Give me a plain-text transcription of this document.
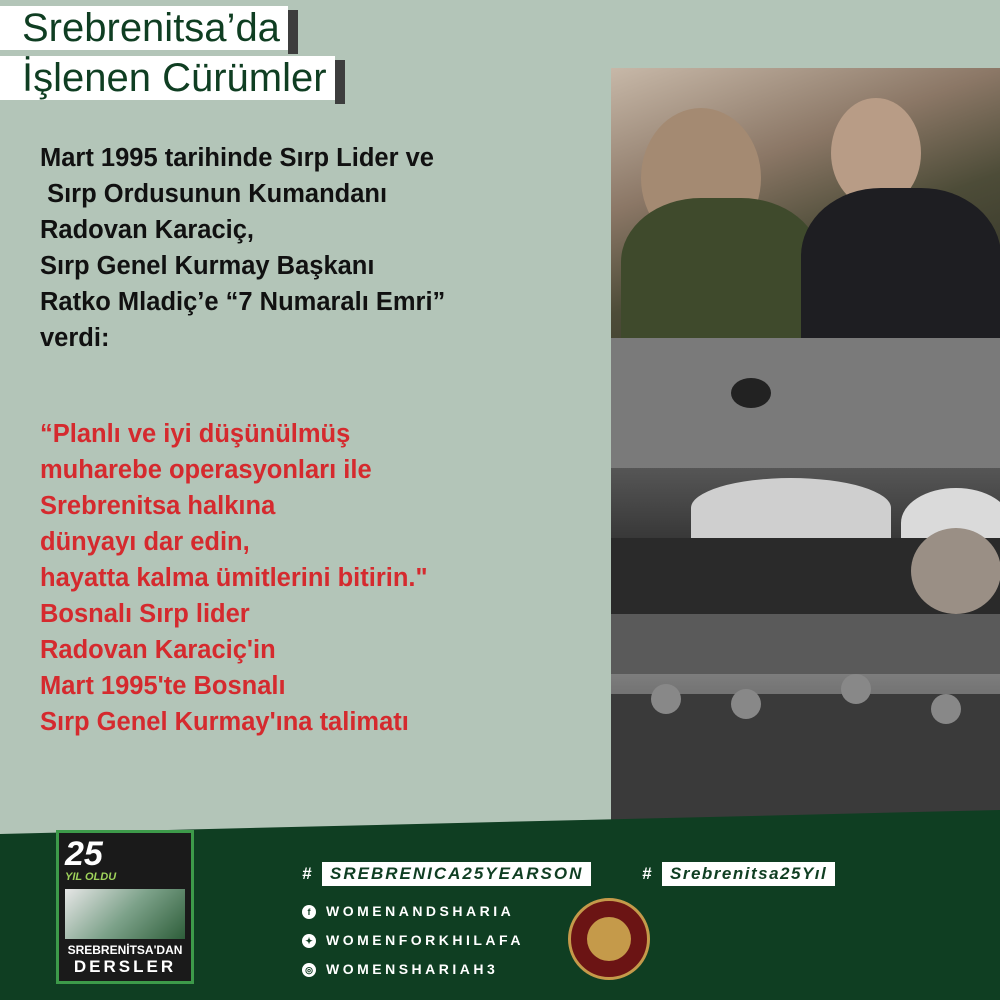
Srebrenitsa’da
İşlenen Cürümler
Mart 1995 tarihinde Sırp Lider ve
Sırp Ordusunun Kumandanı
Radovan Karaciç,
Sırp Genel Kurmay Başkanı
Ratko Mladiç’e “7 Numaralı Emri”
verdi:
“Planlı ve iyi düşünülmüş
muharebe operasyonları ile
Srebrenitsa halkına
dünyayı dar edin,
hayatta kalma ümitlerini bitirin."
Bosnalı Sırp lider
Radovan Karaciç'in
Mart 1995'te Bosnalı
Sırp Genel Kurmay'ına talimatı
25
YIL OLDU
SREBRENİTSA'DAN
DERSLER
#	SREBRENICA25YEARSON	#	Srebrenitsa25Yıl
f WOMENANDSHARIA
✦ WOMENFORKHILAFA
◎ WOMENSHARIAH3
